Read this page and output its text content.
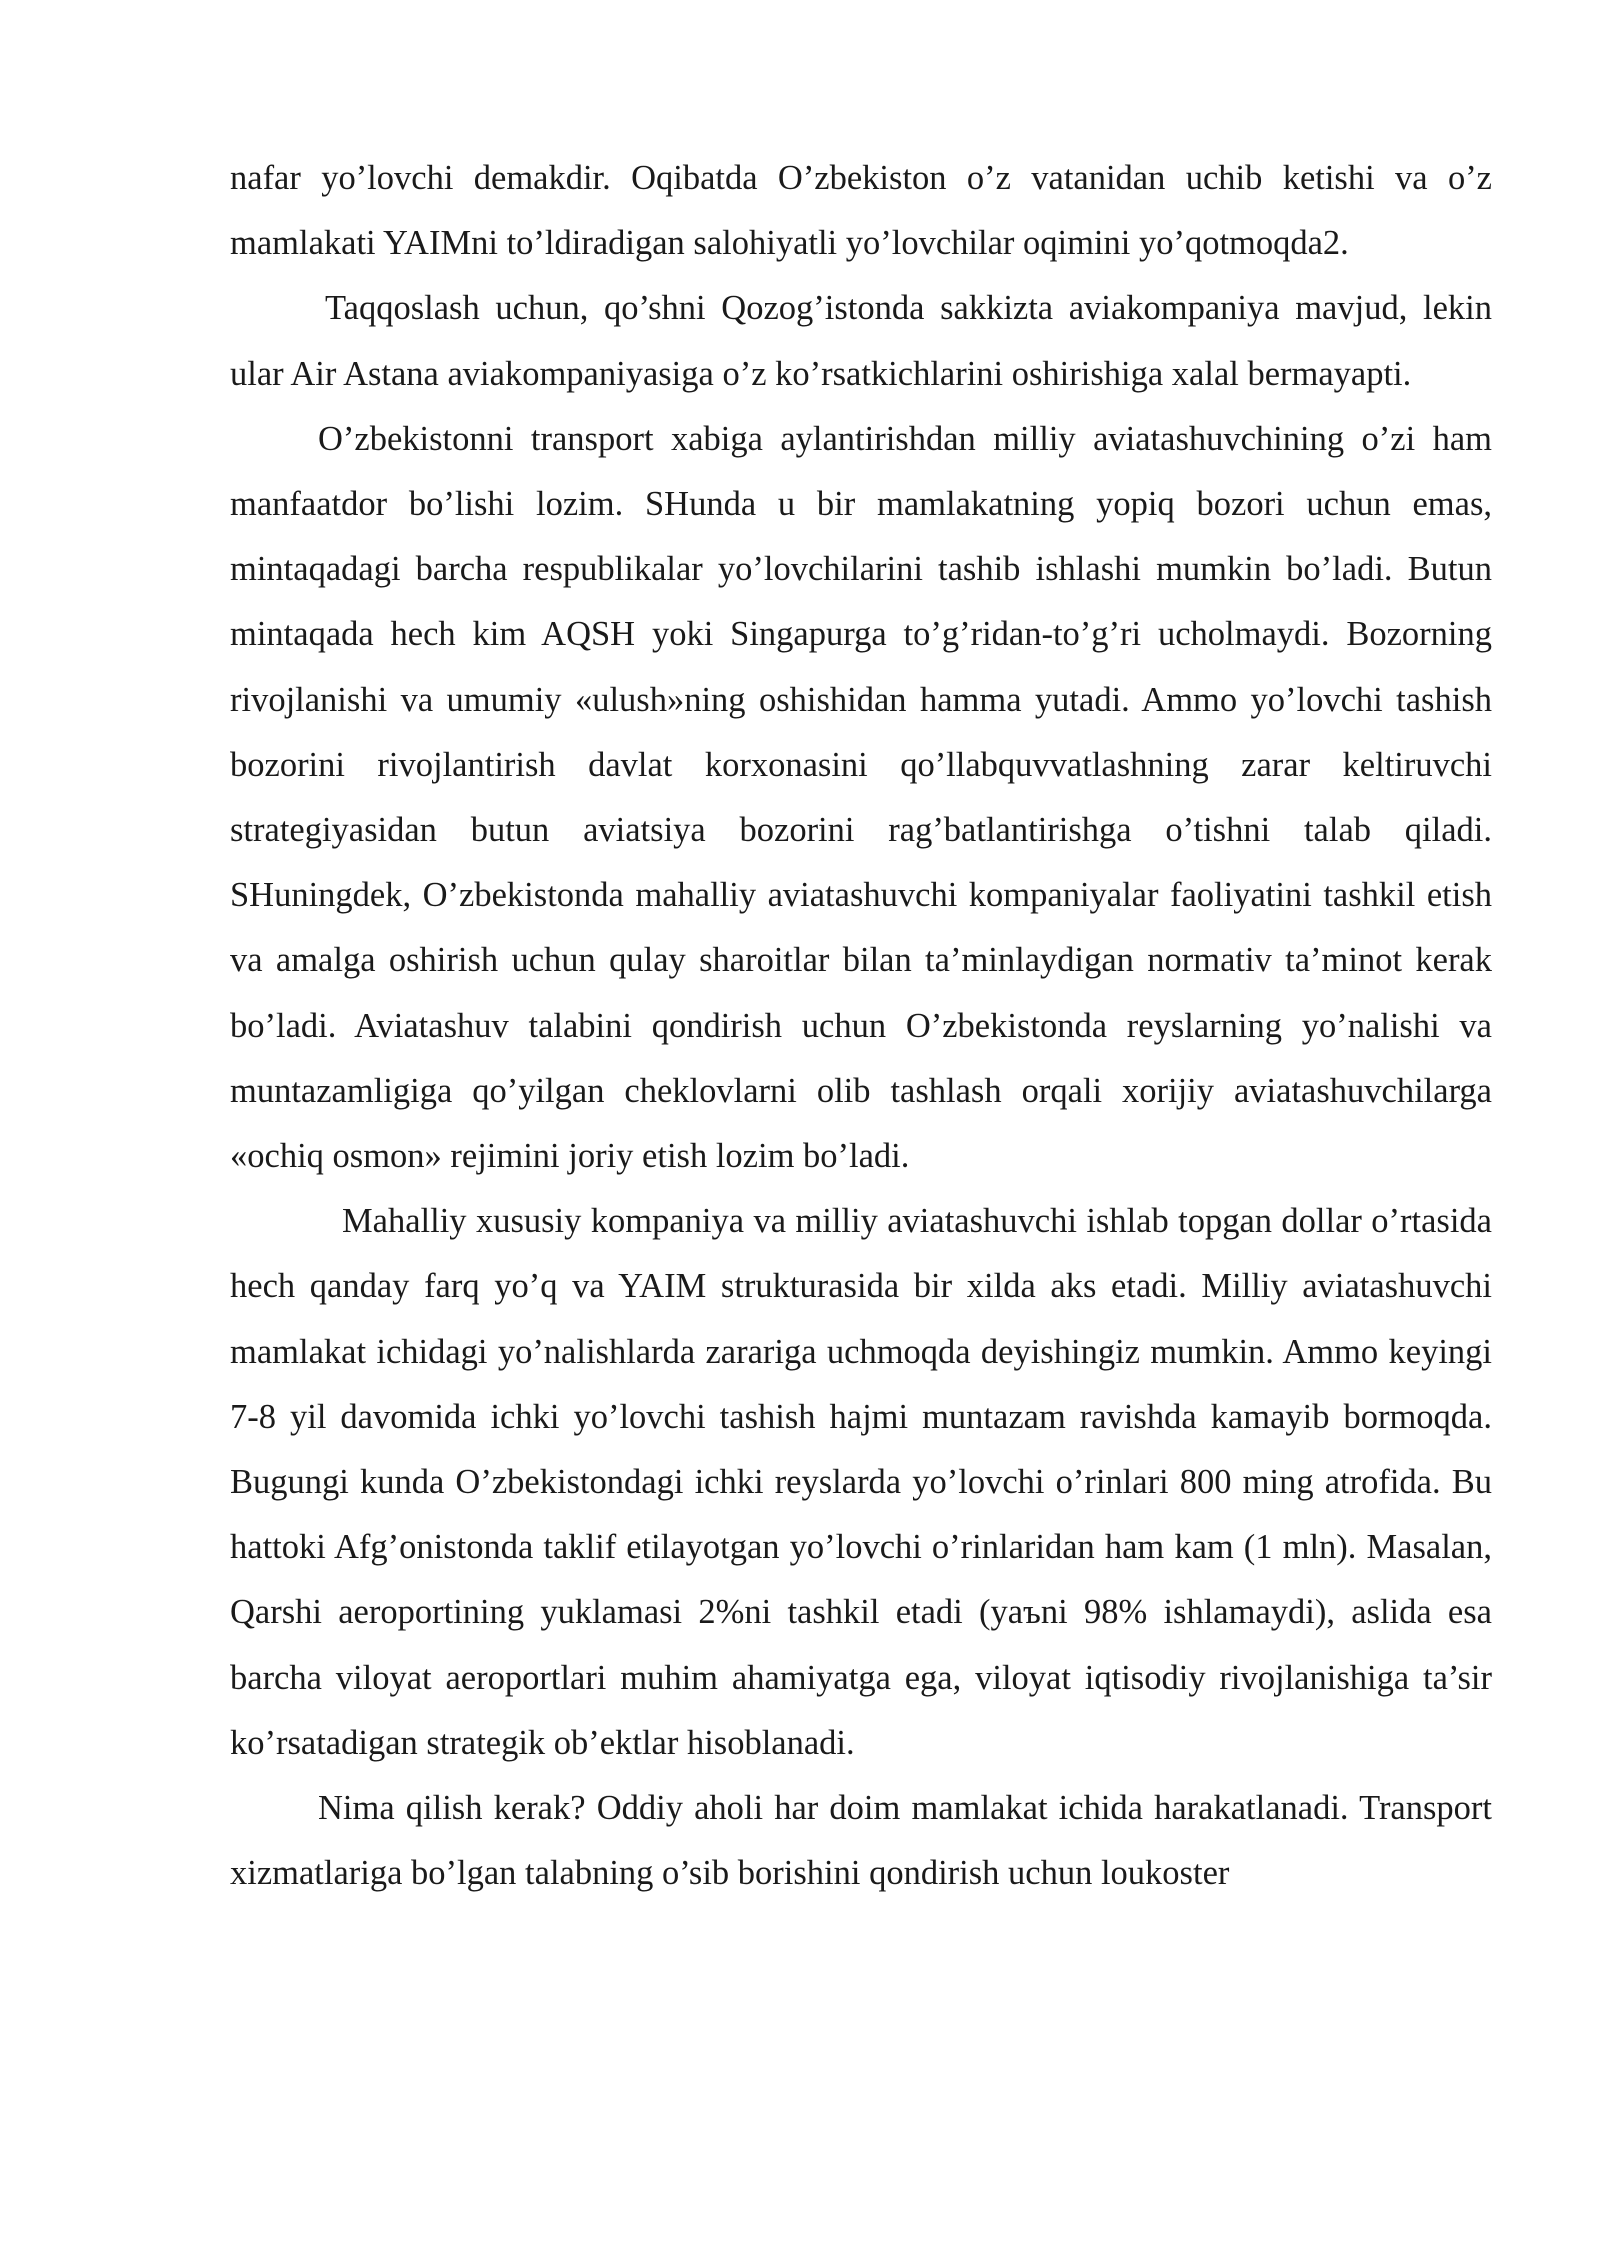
nafar yo’lovchi demakdir. Oqibatda O’zbekiston o’z vatanidan uchib ketishi va o’z mamlakati YAIMni to’ldiradigan salohiyatli yo’lovchilar oqimini yo’qotmoqda2.

Taqqoslash uchun, qo’shni Qozog’istonda sakkizta aviakompaniya mavjud, lekin ular Air Astana aviakompaniyasiga o’z ko’rsatkichlarini oshirishiga xalal bermayapti.

O’zbekistonni transport xabiga aylantirishdan milliy aviatashuvchining o’zi ham manfaatdor bo’lishi lozim. SHunda u bir mamlakatning yopiq bozori uchun emas, mintaqadagi barcha respublikalar yo’lovchilarini tashib ishlashi mumkin bo’ladi. Butun mintaqada hech kim AQSH yoki Singapurga to’g’ridan-to’g’ri ucholmaydi. Bozorning rivojlanishi va umumiy «ulush»ning oshishidan hamma yutadi. Ammo yo’lovchi tashish bozorini rivojlantirish davlat korxonasini qo’llabquvvatlashning zarar keltiruvchi strategiyasidan butun aviatsiya bozorini rag’batlantirishga o’tishni talab qiladi. SHuningdek, O’zbekistonda mahalliy aviatashuvchi kompaniyalar faoliyatini tashkil etish va amalga oshirish uchun qulay sharoitlar bilan ta’minlaydigan normativ ta’minot kerak bo’ladi. Aviatashuv talabini qondirish uchun O’zbekistonda reyslarning yo’nalishi va muntazamligiga qo’yilgan cheklovlarni olib tashlash orqali xorijiy aviatashuvchilarga «ochiq osmon» rejimini joriy etish lozim bo’ladi.

Mahalliy xususiy kompaniya va milliy aviatashuvchi ishlab topgan dollar o’rtasida hech qanday farq yo’q va YAIM strukturasida bir xilda aks etadi. Milliy aviatashuvchi mamlakat ichidagi yo’nalishlarda zarariga uchmoqda deyishingiz mumkin. Ammo keyingi 7-8 yil davomida ichki yo’lovchi tashish hajmi muntazam ravishda kamayib bormoqda. Bugungi kunda O’zbekistondagi ichki reyslarda yo’lovchi o’rinlari 800 ming atrofida. Bu hattoki Afg’onistonda taklif etilayotgan yo’lovchi o’rinlaridan ham kam (1 mln). Masalan, Qarshi aeroportining yuklamasi 2%ni tashkil etadi (yaъni 98% ishlamaydi), aslida esa barcha viloyat aeroportlari muhim ahamiyatga ega, viloyat iqtisodiy rivojlanishiga ta’sir ko’rsatadigan strategik ob’ektlar hisoblanadi.

Nima qilish kerak? Oddiy aholi har doim mamlakat ichida harakatlanadi. Transport xizmatlariga bo’lgan talabning o’sib borishini qondirish uchun loukoster
